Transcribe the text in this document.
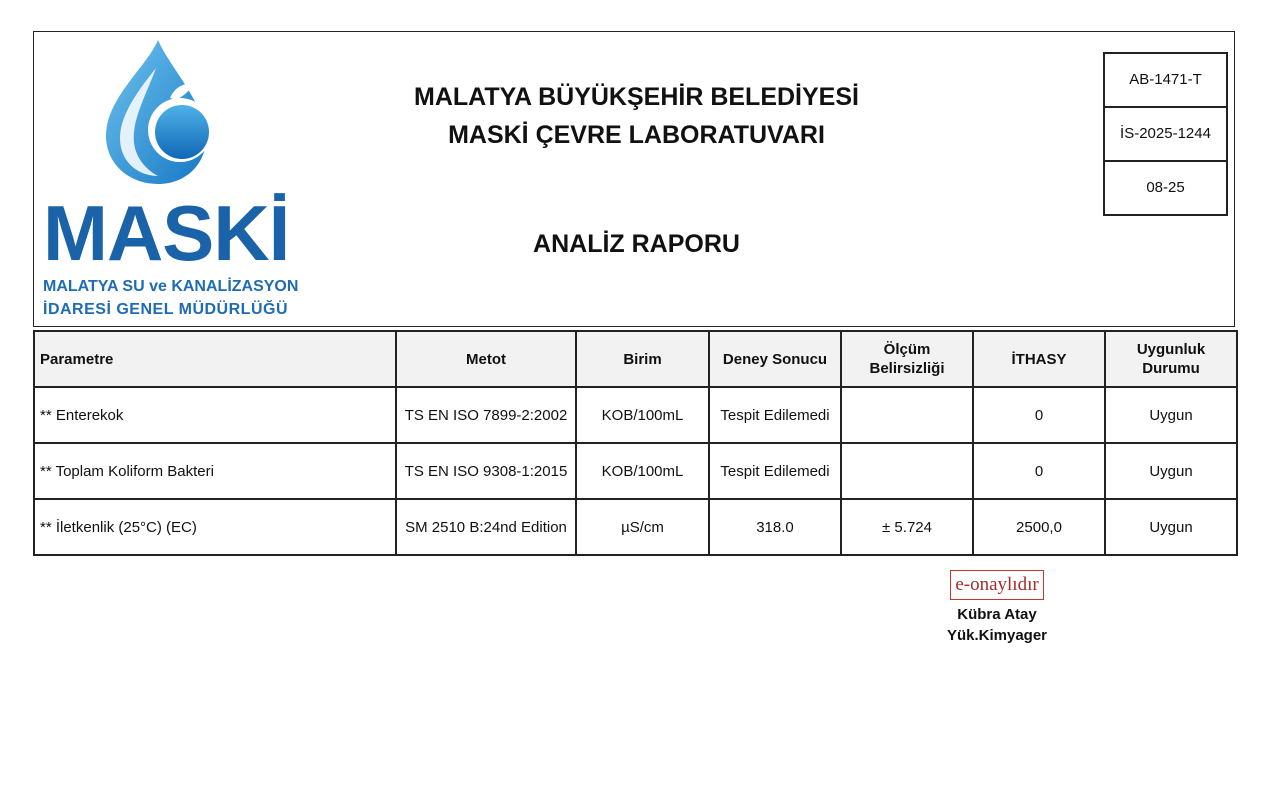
MASKİ
MALATYA SU ve KANALİZASYON
İDARESİ GENEL MÜDÜRLÜĞÜ
MALATYA BÜYÜKŞEHİR BELEDİYESİ
MASKİ ÇEVRE LABORATUVARI
ANALİZ RAPORU
AB-1471-T
İS-2025-1244
08-25
Parametre	Metot	Birim	Deney Sonucu	Ölçüm Belirsizliği	İTHASY	Uygunluk Durumu
** Enterekok	TS EN ISO 7899-2:2002	KOB/100mL	Tespit Edilemedi		0	Uygun
** Toplam Koliform Bakteri	TS EN ISO 9308-1:2015	KOB/100mL	Tespit Edilemedi		0	Uygun
** İletkenlik (25°C) (EC)	SM 2510 B:24nd Edition	µS/cm	318.0	± 5.724	2500,0	Uygun
e-onaylıdır
Kübra Atay
Yük.Kimyager
